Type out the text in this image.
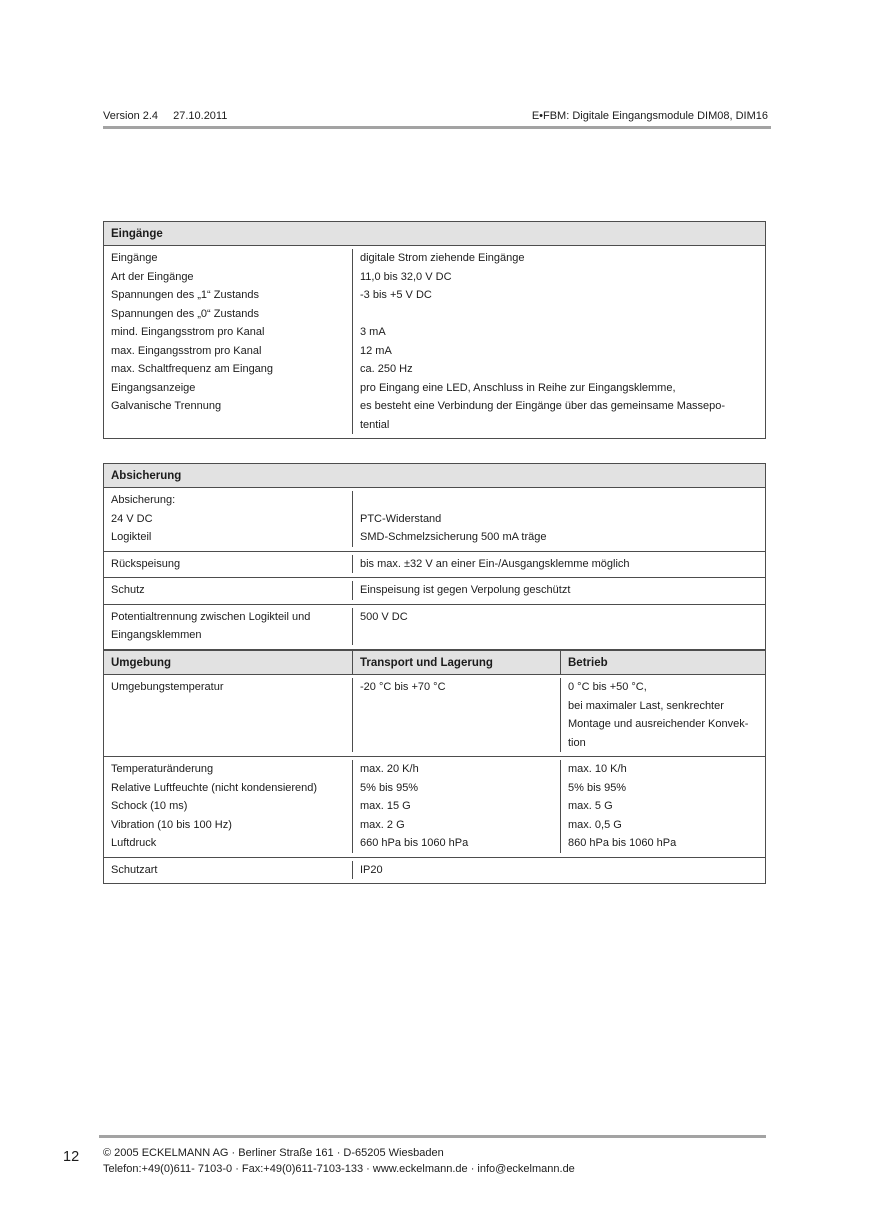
Version 2.4 27.10.2011	E•FBM: Digitale Eingangsmodule DIM08, DIM16
Eingänge
Eingänge	digitale Strom ziehende Eingänge
Art der Eingänge	11,0 bis 32,0 V DC
Spannungen des „1“ Zustands	-3 bis +5 V DC
Spannungen des „0“ Zustands
mind. Eingangsstrom pro Kanal	3 mA
max. Eingangsstrom pro Kanal	12 mA
max. Schaltfrequenz am Eingang	ca. 250 Hz
Eingangsanzeige	pro Eingang eine LED, Anschluss in Reihe zur Eingangsklemme,
Galvanische Trennung	es besteht eine Verbindung der Eingänge über das gemeinsame Massepo-
tential
Absicherung
Absicherung:
24 V DC	PTC-Widerstand
Logikteil	SMD-Schmelzsicherung 500 mA träge
Rückspeisung	bis max. ±32 V an einer Ein-/Ausgangsklemme möglich
Schutz	Einspeisung ist gegen Verpolung geschützt
Potentialtrennung zwischen Logikteil und	500 V DC
Eingangsklemmen
Umgebung	Transport und Lagerung	Betrieb
Umgebungstemperatur	-20 °C bis +70 °C	0 °C bis +50 °C,
bei maximaler Last, senkrechter
Montage und ausreichender Konvek-
tion
Temperaturänderung	max. 20 K/h	max. 10 K/h
Relative Luftfeuchte (nicht kondensierend)	5% bis 95%	5% bis 95%
Schock (10 ms)	max. 15 G	max. 5 G
Vibration (10 bis 100 Hz)	max. 2 G	max. 0,5 G
Luftdruck	660 hPa bis 1060 hPa	860 hPa bis 1060 hPa
Schutzart	IP20
12 © 2005 ECKELMANN AG · Berliner Straße 161 · D-65205 Wiesbaden
Telefon:+49(0)611- 7103-0 · Fax:+49(0)611-7103-133 · www.eckelmann.de · info@eckelmann.de
